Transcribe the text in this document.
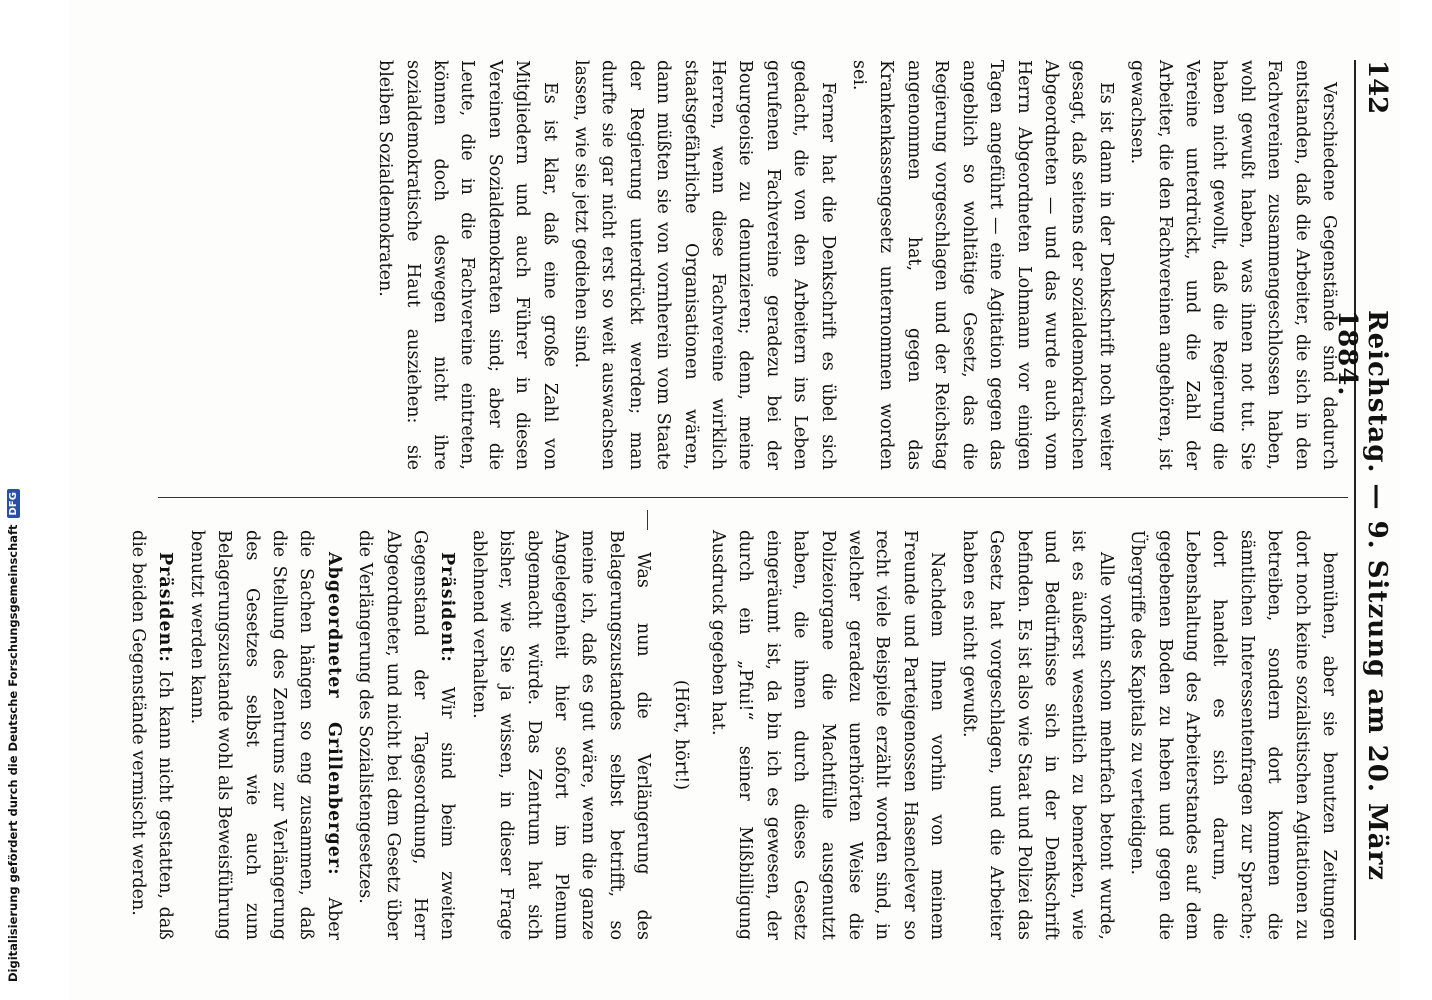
142
Reichstag. — 9. Sitzung am 20. März 1884.

Verschiedene Gegenstände sind dadurch entstanden, daß die Arbeiter, die sich in den Fachvereinen zusammengeschlossen haben, wohl gewußt haben, was ihnen not tut. Sie haben nicht gewollt, daß die Regierung die Vereine unterdrückt, und die Zahl der Arbeiter, die den Fachvereinen angehören, ist gewachsen.

Es ist dann in der Denkschrift noch weiter gesagt, daß seitens der sozialdemokratischen Abgeordneten — und das wurde auch vom Herrn Abgeordneten Lohmann vor einigen Tagen angeführt — eine Agitation gegen das angeblich so wohltätige Gesetz, das die Regierung vorgeschlagen und der Reichstag angenommen hat, gegen das Krankenkassengesetz unternommen worden sei.

Ferner hat die Denkschrift es übel sich gedacht, die von den Arbeitern ins Leben gerufenen Fachvereine geradezu bei der Bourgeoisie zu denunzieren; denn, meine Herren, wenn diese Fachvereine wirklich staatsgefährliche Organisationen wären, dann müßten sie von vornherein vom Staate der Regierung unterdrückt werden; man durfte sie gar nicht erst so weit auswachsen lassen, wie sie jetzt gediehen sind.

Es ist klar, daß eine große Zahl von Mitgliedern und auch Führer in diesen Vereinen Sozialdemokraten sind; aber die Leute, die in die Fachvereine eintreten, können doch deswegen nicht ihre sozialdemokratische Haut ausziehen: sie bleiben Sozialdemokraten.

bemühen, aber sie benutzen Zeitungen dort noch keine sozialistischen Agitationen zu betreiben, sondern dort kommen die sämtlichen Interessentenfragen zur Sprache; dort handelt es sich darum, die Lebenshaltung des Arbeiterstandes auf dem gegebenen Boden zu heben und gegen die Übergriffe des Kapitals zu verteidigen.

Alle vorhin schon mehrfach betont wurde, ist es äußerst wesentlich zu bemerken, wie und Bedürfnisse sich in der Denkschrift befinden. Es ist also wie Staat und Polizei das Gesetz hat vorgeschlagen, und die Arbeiter haben es nicht gewußt.

Nachdem Ihnen vorhin von meinem Freunde und Parteigenossen Hasenclever so recht viele Beispiele erzählt worden sind, in welcher geradezu unerhörten Weise die Polizeiorgane die Machtfülle ausgenutzt haben, die ihnen durch dieses Gesetz eingeräumt ist, da bin ich es gewesen, der durch ein „Pfui!“ seiner Mißbilligung Ausdruck gegeben hat.

(Hört, hört!)

Was nun die Verlängerung des Belagerungszustandes selbst betrifft, so meine ich, daß es gut wäre, wenn die ganze Angelegenheit hier sofort im Plenum abgemacht würde. Das Zentrum hat sich bisher, wie Sie ja wissen, in dieser Frage ablehnend verhalten.

Präsident: Wir sind beim zweiten Gegenstand der Tagesordnung, Herr Abgeordneter, und nicht bei dem Gesetz über die Verlängerung des Sozialistengesetzes.

Abgeordneter Grillenberger: Aber die Sachen hängen so eng zusammen, daß die Stellung des Zentrums zur Verlängerung des Gesetzes selbst wie auch zum Belagerungszustande wohl als Beweisführung benutzt werden kann.

Präsident: Ich kann nicht gestatten, daß die beiden Gegenstände vermischt werden.

Digitalisierung gefördert durch die Deutsche Forschungsgemeinschaft
DFG
